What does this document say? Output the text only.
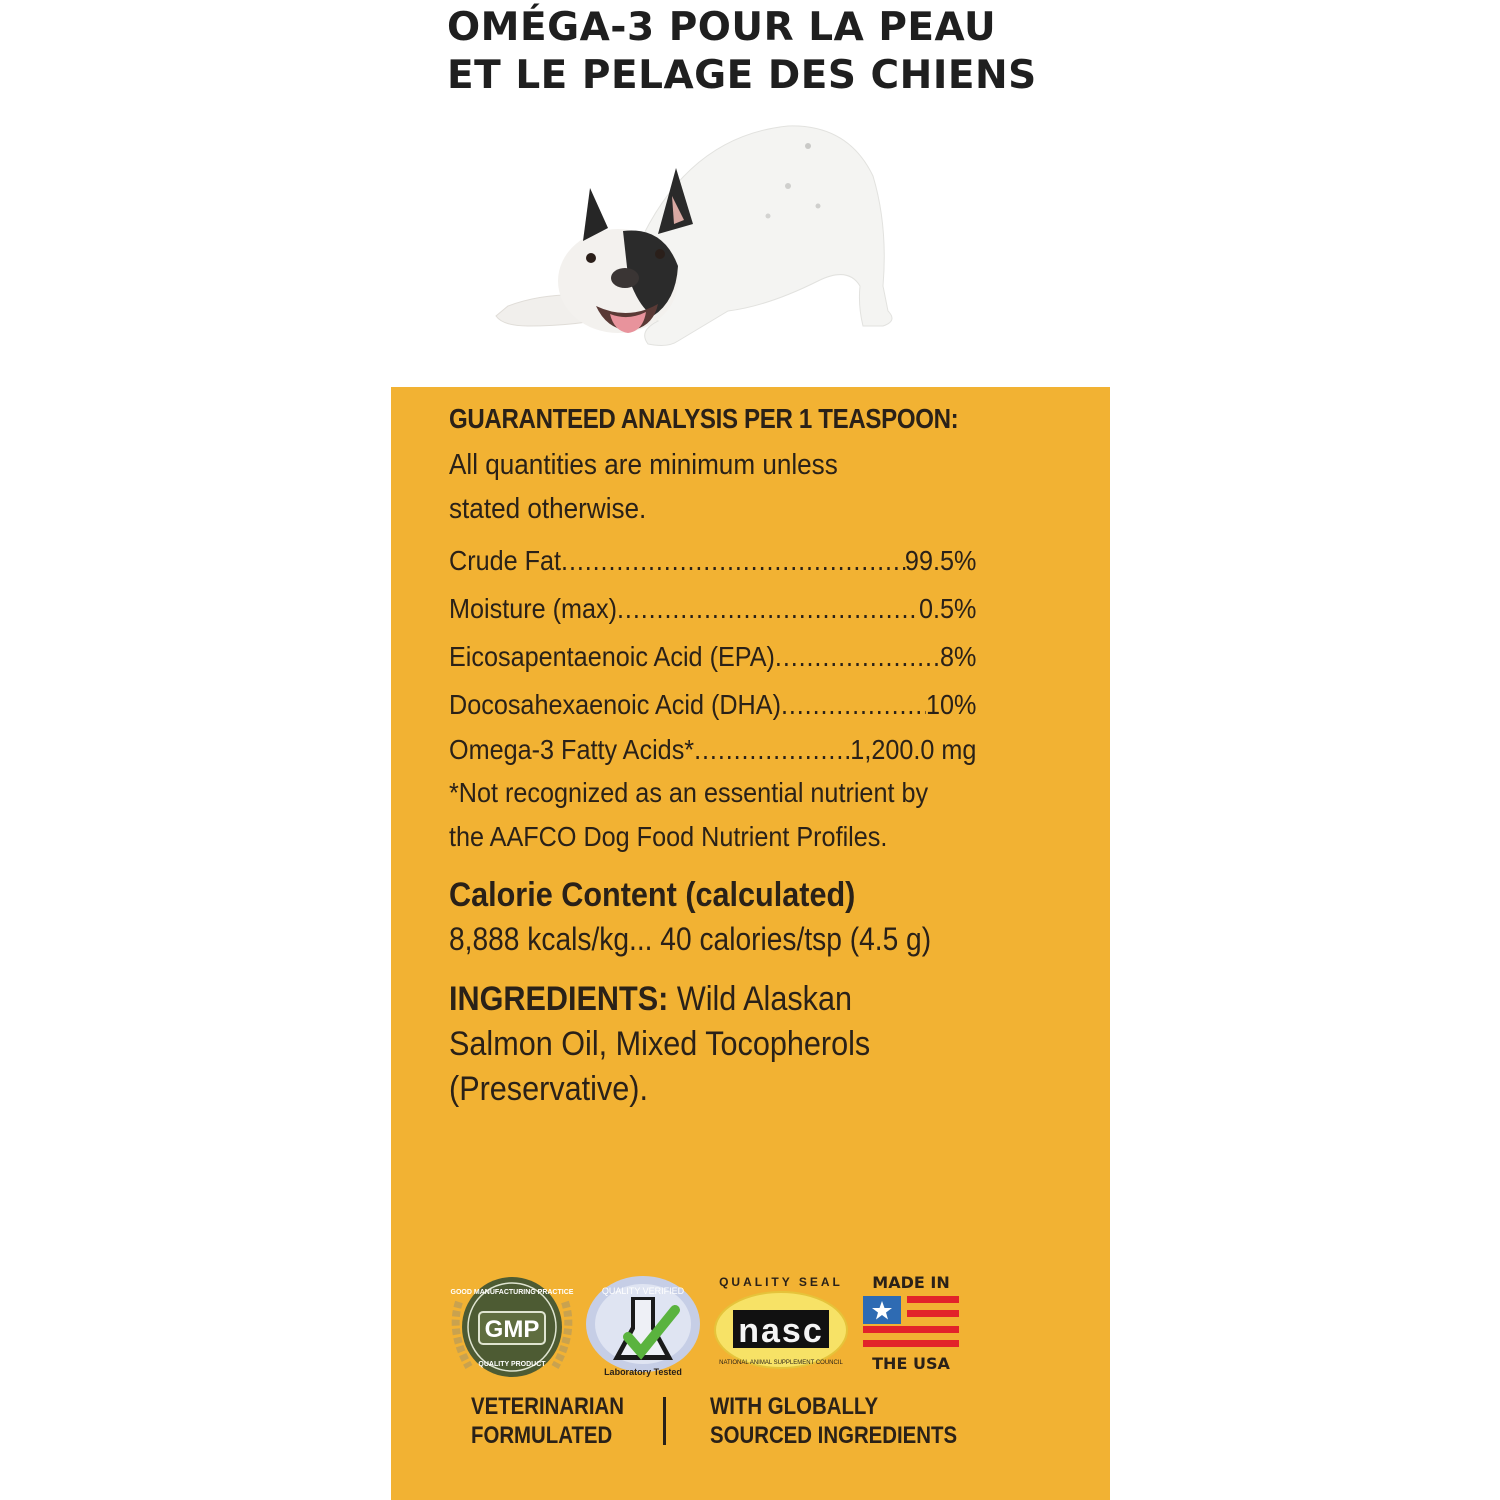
OMÉGA-3 POUR LA PEAU
ET LE PELAGE DES CHIENS
GUARANTEED ANALYSIS PER 1 TEASPOON:
All quantities are minimum unless
stated otherwise.
Crude Fat .....	99.5%
Moisture (max) .....	0.5%
Eicosapentaenoic Acid (EPA) .....	8%
Docosahexaenoic Acid (DHA) .....	10%
Omega-3 Fatty Acids* .....	1,200.0 mg
*Not recognized as an essential nutrient by
the AAFCO Dog Food Nutrient Profiles.
Calorie Content (calculated)
8,888 kcals/kg... 40 calories/tsp (4.5 g)
INGREDIENTS: Wild Alaskan Salmon Oil, Mixed Tocopherols (Preservative).
GMP
GOOD MANUFACTURING PRACTICE
QUALITY PRODUCT
QUALITY VERIFIED
Laboratory Tested
QUALITY SEAL
nasc
NATIONAL ANIMAL SUPPLEMENT COUNCIL
MADE IN
THE USA
VETERINARIAN
FORMULATED
WITH GLOBALLY
SOURCED INGREDIENTS
